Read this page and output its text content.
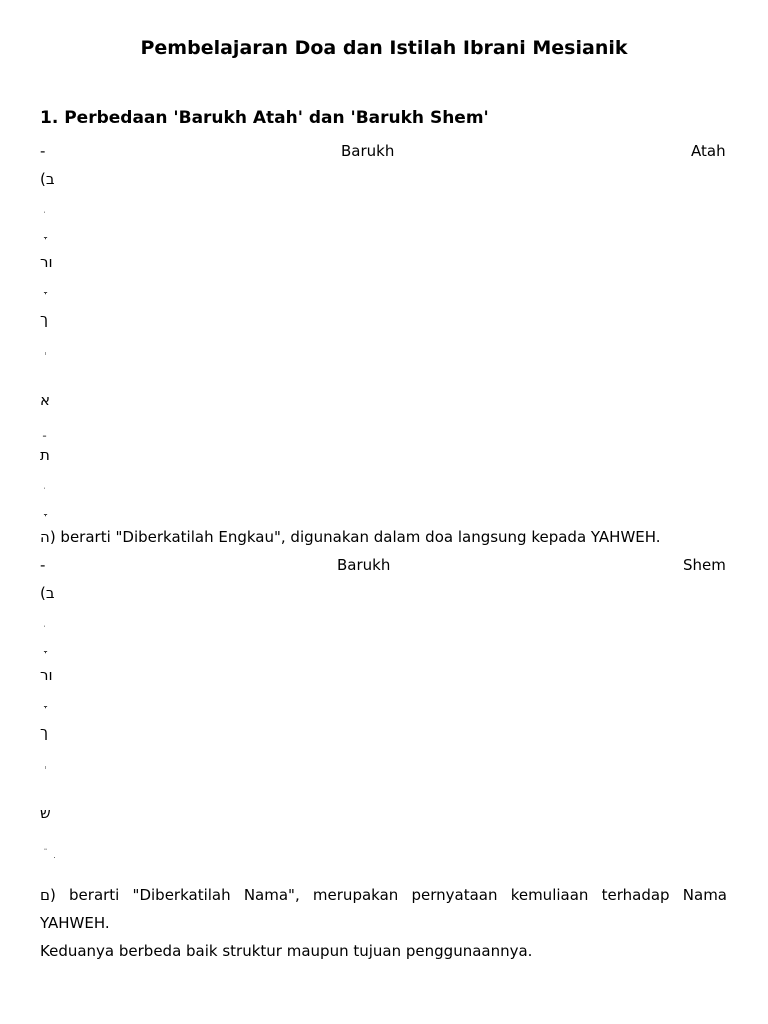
Pembelajaran Doa dan Istilah Ibrani Mesianik
1. Perbedaan 'Barukh Atah' dan 'Barukh Shem'
-	Barukh	Atah
(ב
ור
ך
א
ת
ה) berarti "Diberkatilah Engkau", digunakan dalam doa langsung kepada YAHWEH.
-	Barukh	Shem
(ב
ור
ך
ש
ם) berarti "Diberkatilah Nama", merupakan pernyataan kemuliaan terhadap Nama
YAHWEH.
Keduanya berbeda baik struktur maupun tujuan penggunaannya.
